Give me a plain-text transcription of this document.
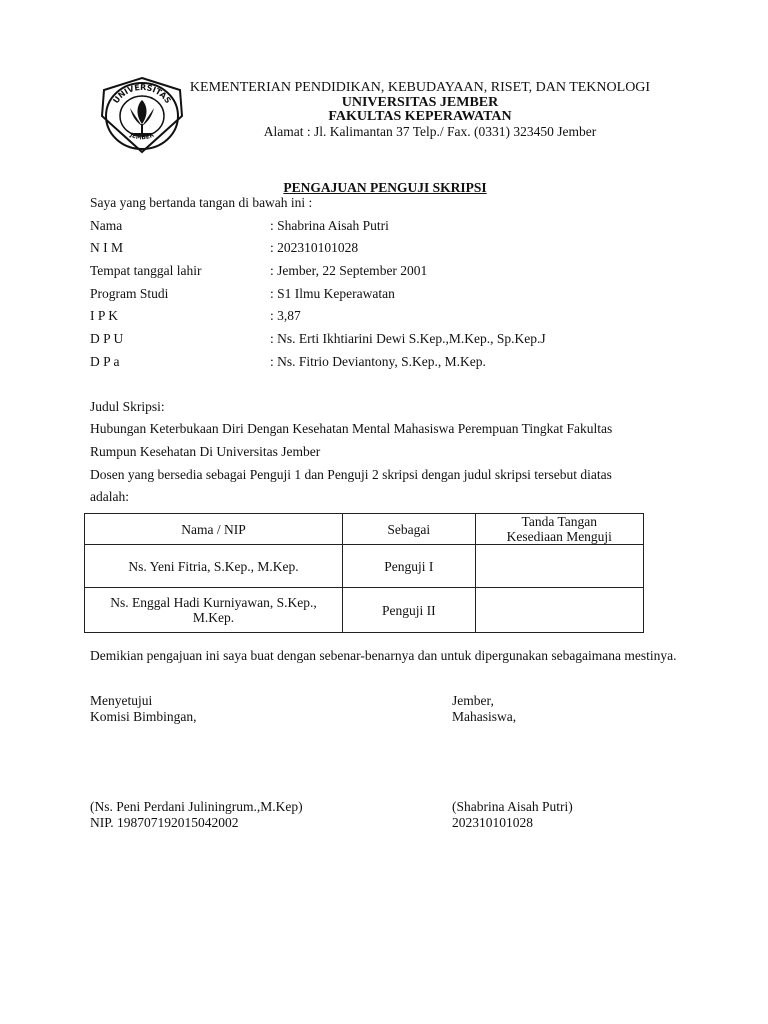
UNIVERSITAS
JEMBER
KEMENTERIAN PENDIDIKAN, KEBUDAYAAN, RISET, DAN TEKNOLOGI
UNIVERSITAS JEMBER
FAKULTAS KEPERAWATAN
Alamat : Jl. Kalimantan 37 Telp./ Fax. (0331) 323450 Jember
PENGAJUAN PENGUJI SKRIPSI
Saya yang bertanda tangan di bawah ini :
Nama	: Shabrina Aisah Putri
N I M	: 202310101028
Tempat tanggal lahir	: Jember, 22 September 2001
Program Studi	: S1 Ilmu Keperawatan
I P K	: 3,87
D P U	: Ns. Erti Ikhtiarini Dewi S.Kep.,M.Kep., Sp.Kep.J
D P a	: Ns. Fitrio Deviantony, S.Kep., M.Kep.
Judul Skripsi:
Hubungan Keterbukaan Diri Dengan Kesehatan Mental Mahasiswa Perempuan Tingkat Fakultas
Rumpun Kesehatan Di Universitas Jember
Dosen yang bersedia sebagai Penguji 1 dan Penguji 2 skripsi dengan judul skripsi tersebut diatas
adalah:
Nama / NIP	Sebagai	Tanda Tangan
Kesediaan Menguji

Ns. Yeni Fitria, S.Kep., M.Kep.	Penguji I	
Ns. Enggal Hadi Kurniyawan, S.Kep., M.Kep.	Penguji II	
Demikian pengajuan ini saya buat dengan sebenar-benarnya dan untuk dipergunakan sebagaimana mestinya.
Menyetujui
Komisi Bimbingan,
(Ns. Peni Perdani Juliningrum.,M.Kep)
NIP. 198707192015042002
Jember,
Mahasiswa,
(Shabrina Aisah Putri)
202310101028
